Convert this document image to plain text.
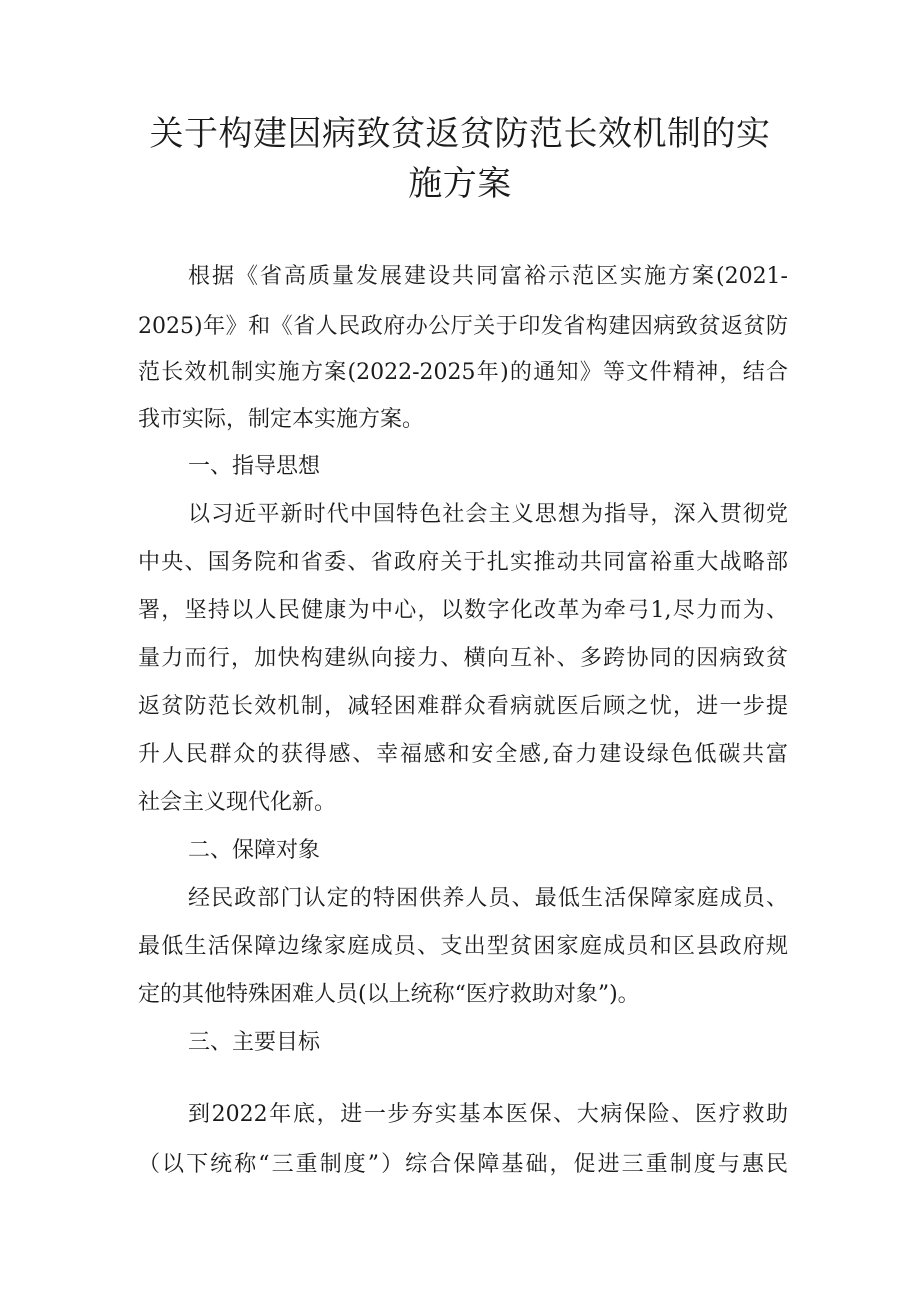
关于构建因病致贫返贫防范长效机制的实
施方案
根据《省高质量发展建设共同富裕示范区实施方案(2021-
2025)年》和《省人民政府办公厅关于印发省构建因病致贫返贫防
范长效机制实施方案(2022-2025年)的通知》等文件精神，结合
我市实际，制定本实施方案。
一、指导思想
以习近平新时代中国特色社会主义思想为指导，深入贯彻党
中央、国务院和省委、省政府关于扎实推动共同富裕重大战略部
署，坚持以人民健康为中心，以数字化改革为牵弓1,尽力而为、
量力而行，加快构建纵向接力、横向互补、多跨协同的因病致贫
返贫防范长效机制，减轻困难群众看病就医后顾之忧，进一步提
升人民群众的获得感、幸福感和安全感,奋力建设绿色低碳共富
社会主义现代化新。
二、保障对象
经民政部门认定的特困供养人员、最低生活保障家庭成员、
最低生活保障边缘家庭成员、支出型贫困家庭成员和区县政府规
定的其他特殊困难人员(以上统称“医疗救助对象”)。
三、主要目标
到2022年底，进一步夯实基本医保、大病保险、医疗救助
（以下统称“三重制度”）综合保障基础，促进三重制度与惠民
